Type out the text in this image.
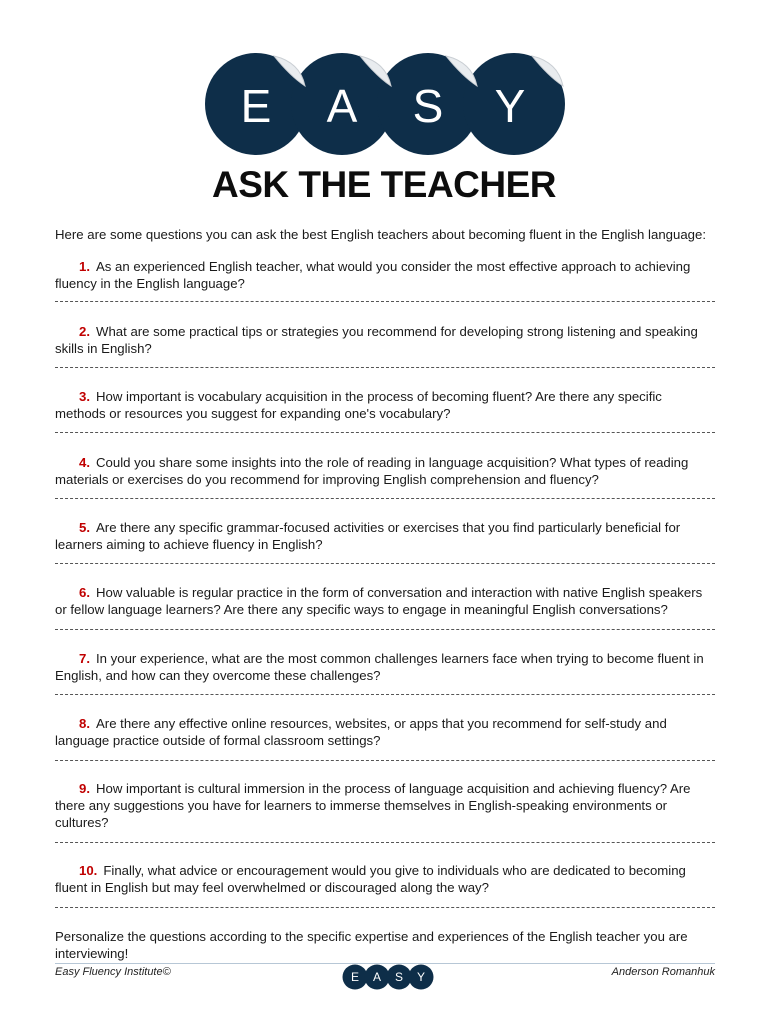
E A S Y
ASK THE TEACHER
Here are some questions you can ask the best English teachers about becoming fluent in the English language:
1. As an experienced English teacher, what would you consider the most effective approach to achieving fluency in the English language?
2. What are some practical tips or strategies you recommend for developing strong listening and speaking skills in English?
3. How important is vocabulary acquisition in the process of becoming fluent? Are there any specific methods or resources you suggest for expanding one's vocabulary?
4. Could you share some insights into the role of reading in language acquisition? What types of reading materials or exercises do you recommend for improving English comprehension and fluency?
5. Are there any specific grammar-focused activities or exercises that you find particularly beneficial for learners aiming to achieve fluency in English?
6. How valuable is regular practice in the form of conversation and interaction with native English speakers or fellow language learners? Are there any specific ways to engage in meaningful English conversations?
7. In your experience, what are the most common challenges learners face when trying to become fluent in English, and how can they overcome these challenges?
8. Are there any effective online resources, websites, or apps that you recommend for self-study and language practice outside of formal classroom settings?
9. How important is cultural immersion in the process of language acquisition and achieving fluency? Are there any suggestions you have for learners to immerse themselves in English-speaking environments or cultures?
10. Finally, what advice or encouragement would you give to individuals who are dedicated to becoming fluent in English but may feel overwhelmed or discouraged along the way?
Personalize the questions according to the specific expertise and experiences of the English teacher you are interviewing!
Easy Fluency Institute©	E A S Y	Anderson Romanhuk
